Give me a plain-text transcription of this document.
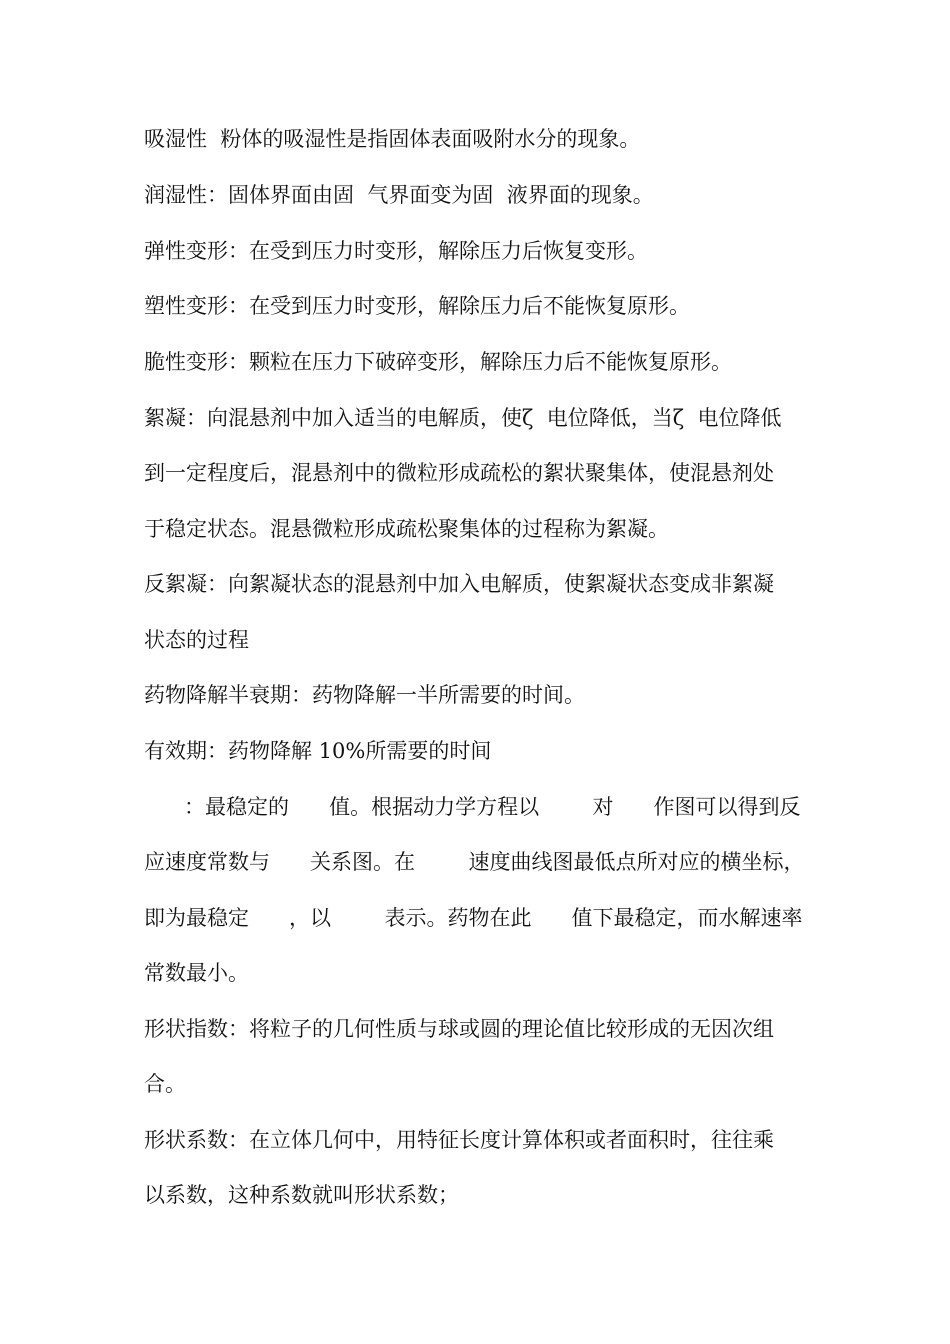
吸湿性  粉体的吸湿性是指固体表面吸附水分的现象。

润湿性：固体界面由固  气界面变为固  液界面的现象。

弹性变形：在受到压力时变形，解除压力后恢复变形。

塑性变形：在受到压力时变形，解除压力后不能恢复原形。

脆性变形：颗粒在压力下破碎变形，解除压力后不能恢复原形。

絮凝：向混悬剂中加入适当的电解质，使ζ  电位降低，当ζ  电位降低

到一定程度后，混悬剂中的微粒形成疏松的絮状聚集体，使混悬剂处

于稳定状态。混悬微粒形成疏松聚集体的过程称为絮凝。

反絮凝：向絮凝状态的混悬剂中加入电解质，使絮凝状态变成非絮凝

状态的过程

药物降解半衰期：药物降解一半所需要的时间。

有效期：药物降解 10%所需要的时间

：最稳定的      值。根据动力学方程以        对      作图可以得到反

应速度常数与      关系图。在        速度曲线图最低点所对应的横坐标，

即为最稳定      ，以        表示。药物在此      值下最稳定，而水解速率

常数最小。

形状指数：将粒子的几何性质与球或圆的理论值比较形成的无因次组

合。

形状系数：在立体几何中，用特征长度计算体积或者面积时，往往乘

以系数，这种系数就叫形状系数；
